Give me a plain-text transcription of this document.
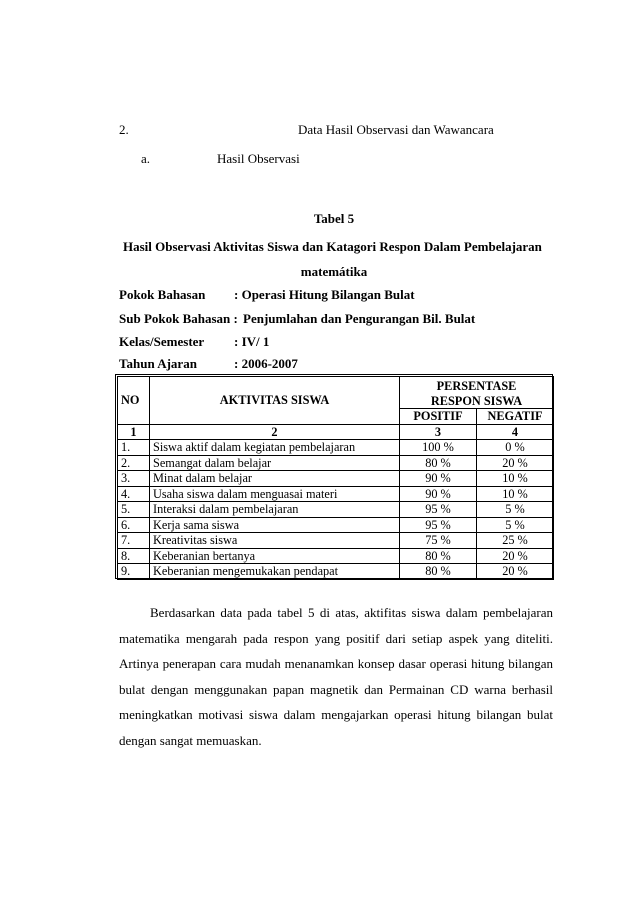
2.	Data Hasil Observasi dan Wawancara
a.	Hasil Observasi
Tabel 5
Hasil Observasi Aktivitas Siswa dan Katagori Respon Dalam Pembelajaran
matemátika
Pokok Bahasan : Operasi Hitung Bilangan Bulat
Sub Pokok Bahasan : Penjumlahan dan Pengurangan Bil. Bulat
Kelas/Semester : IV/ 1
Tahun Ajaran	: 2006-2007
NO	AKTIVITAS SISWA	PERSENTASE	
		RESPON SISWA	
		POSITIF	NEGATIF
1	2	3	4
1.	Siswa aktif dalam kegiatan pembelajaran	100 %	0 %
2.	Semangat dalam belajar	80 %	20 %
3.	Minat dalam belajar	90 %	10 %
4.	Usaha siswa dalam menguasai materi	90 %	10 %
5.	Interaksi dalam pembelajaran	95 %	5 %
6.	Kerja sama siswa	95 %	5 %
7.	Kreativitas siswa	75 %	25 %
8.	Keberanian bertanya	80 %	20 %
9.	Keberanian mengemukakan pendapat	80 %	20 %
Berdasarkan data pada tabel 5 di atas, aktifitas siswa dalam pembelajaran
matematika mengarah pada respon yang positif dari setiap aspek yang diteliti.
Artinya penerapan cara mudah menanamkan konsep dasar operasi hitung bilangan
bulat dengan menggunakan papan magnetik dan Permainan CD warna berhasil
meningkatkan motivasi siswa dalam mengajarkan operasi hitung bilangan bulat
dengan sangat memuaskan.
